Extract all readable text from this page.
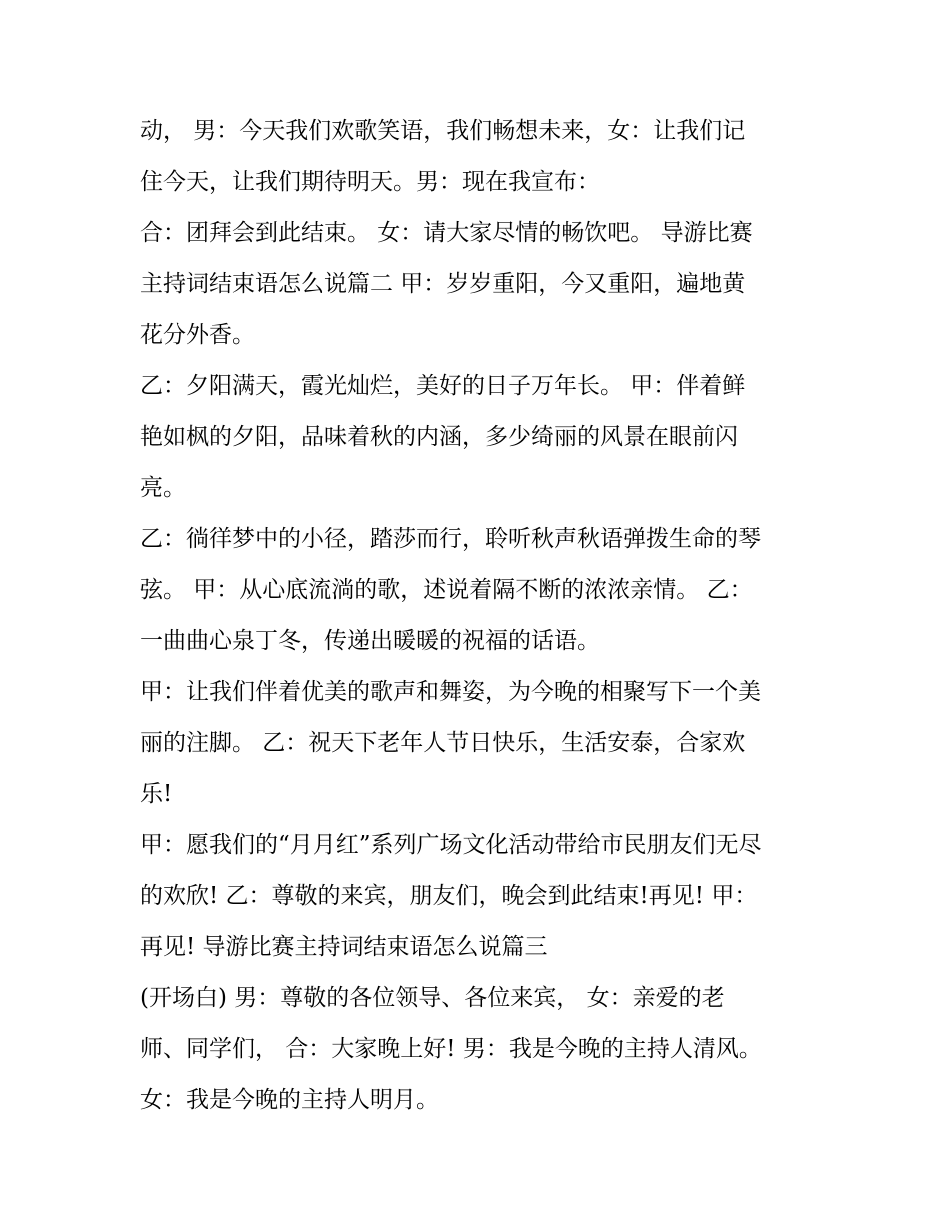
动， 男：今天我们欢歌笑语，我们畅想未来，女：让我们记
住今天，让我们期待明天。男：现在我宣布：
合：团拜会到此结束。 女：请大家尽情的畅饮吧。 导游比赛
主持词结束语怎么说篇二 甲：岁岁重阳，今又重阳，遍地黄
花分外香。
乙：夕阳满天，霞光灿烂，美好的日子万年长。 甲：伴着鲜
艳如枫的夕阳，品味着秋的内涵，多少绮丽的风景在眼前闪
亮。
乙：徜徉梦中的小径，踏莎而行，聆听秋声秋语弹拨生命的琴
弦。 甲：从心底流淌的歌，述说着隔不断的浓浓亲情。 乙：
一曲曲心泉丁冬，传递出暖暖的祝福的话语。
甲：让我们伴着优美的歌声和舞姿，为今晚的相聚写下一个美
丽的注脚。 乙：祝天下老年人节日快乐，生活安泰，合家欢
乐!
甲：愿我们的“月月红”系列广场文化活动带给市民朋友们无尽
的欢欣! 乙：尊敬的来宾，朋友们，晚会到此结束!再见! 甲：
再见! 导游比赛主持词结束语怎么说篇三
(开场白) 男：尊敬的各位领导、各位来宾， 女：亲爱的老
师、同学们， 合：大家晚上好! 男：我是今晚的主持人清风。
女：我是今晚的主持人明月。
